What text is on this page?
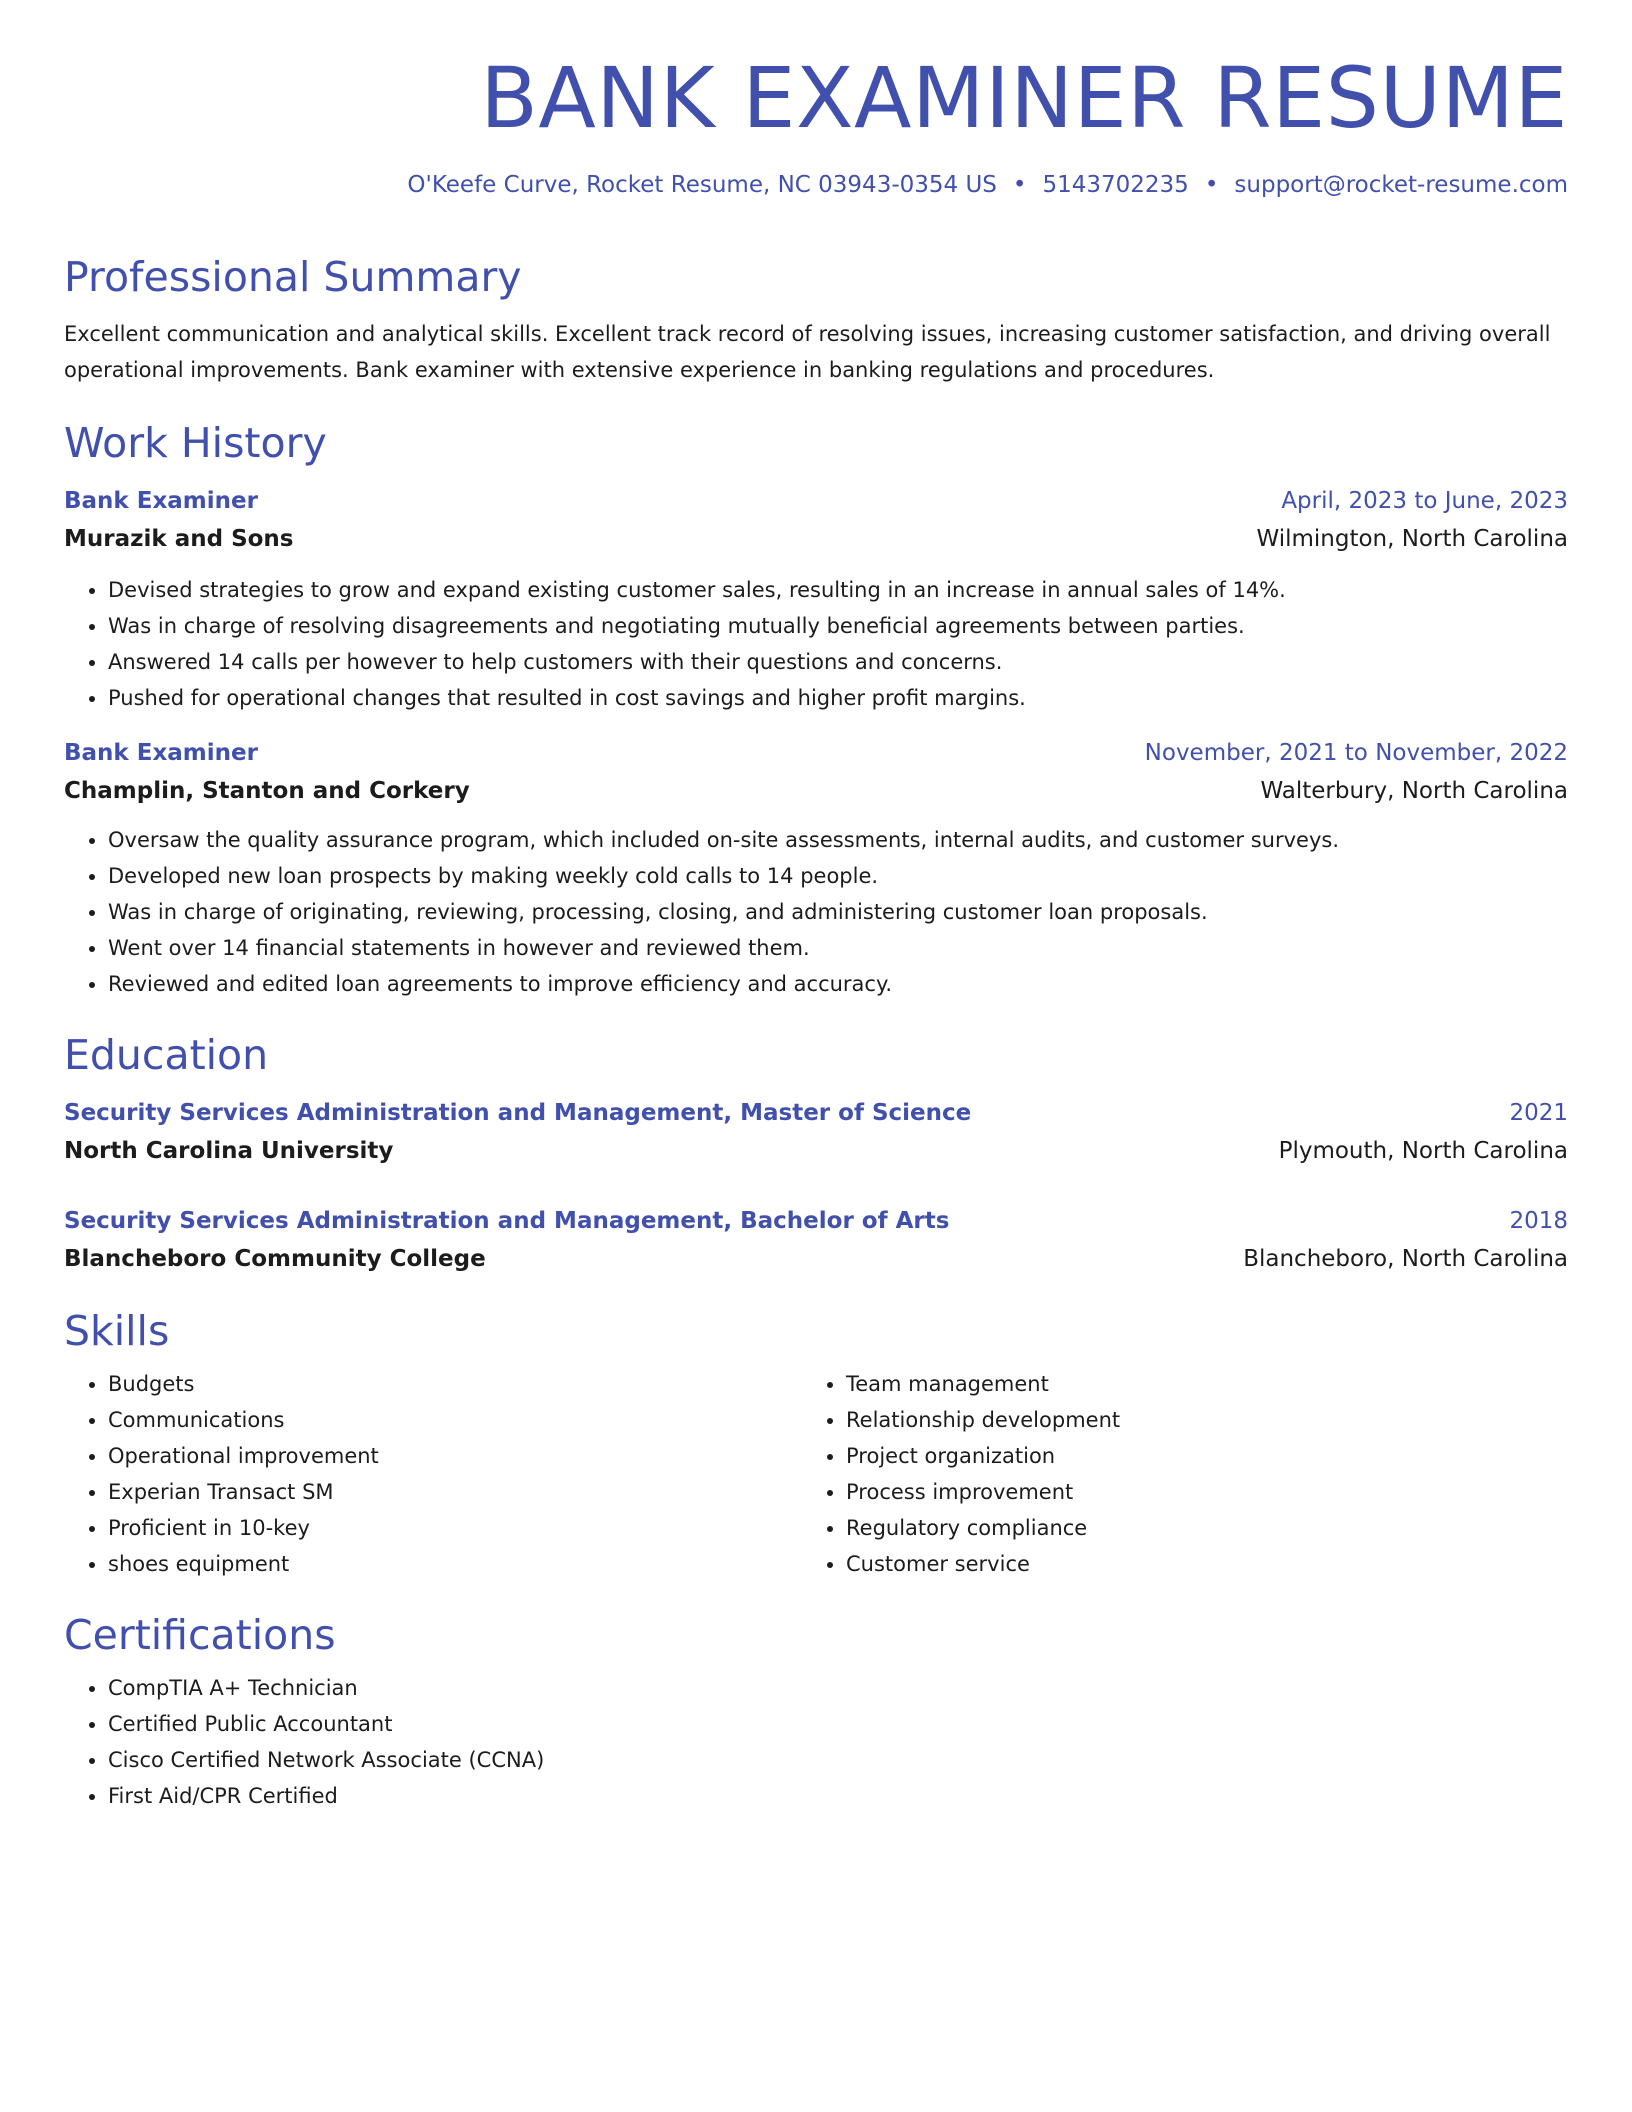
BANK EXAMINER RESUME
O'Keefe Curve, Rocket Resume, NC 03943-0354 US • 5143702235 • support@rocket-resume.com
Professional Summary

Excellent communication and analytical skills. Excellent track record of resolving issues, increasing customer satisfaction, and driving overall operational improvements. Bank examiner with extensive experience in banking regulations and procedures.

Work History
Bank Examiner	April, 2023 to June, 2023
Murazik and Sons	Wilmington, North Carolina
• Devised strategies to grow and expand existing customer sales, resulting in an increase in annual sales of 14%.
• Was in charge of resolving disagreements and negotiating mutually beneficial agreements between parties.
• Answered 14 calls per however to help customers with their questions and concerns.
• Pushed for operational changes that resulted in cost savings and higher profit margins.
Bank Examiner	November, 2021 to November, 2022
Champlin, Stanton and Corkery	Walterbury, North Carolina
• Oversaw the quality assurance program, which included on-site assessments, internal audits, and customer surveys.
• Developed new loan prospects by making weekly cold calls to 14 people.
• Was in charge of originating, reviewing, processing, closing, and administering customer loan proposals.
• Went over 14 financial statements in however and reviewed them.
• Reviewed and edited loan agreements to improve efficiency and accuracy.
Education
Security Services Administration and Management, Master of Science	2021
North Carolina University	Plymouth, North Carolina
Security Services Administration and Management, Bachelor of Arts	2018
Blancheboro Community College	Blancheboro, North Carolina
Skills
• Budgets
• Communications
• Operational improvement
• Experian Transact SM
• Proficient in 10-key
• shoes equipment
• Team management
• Relationship development
• Project organization
• Process improvement
• Regulatory compliance
• Customer service
Certifications
• CompTIA A+ Technician
• Certified Public Accountant
• Cisco Certified Network Associate (CCNA)
• First Aid/CPR Certified
